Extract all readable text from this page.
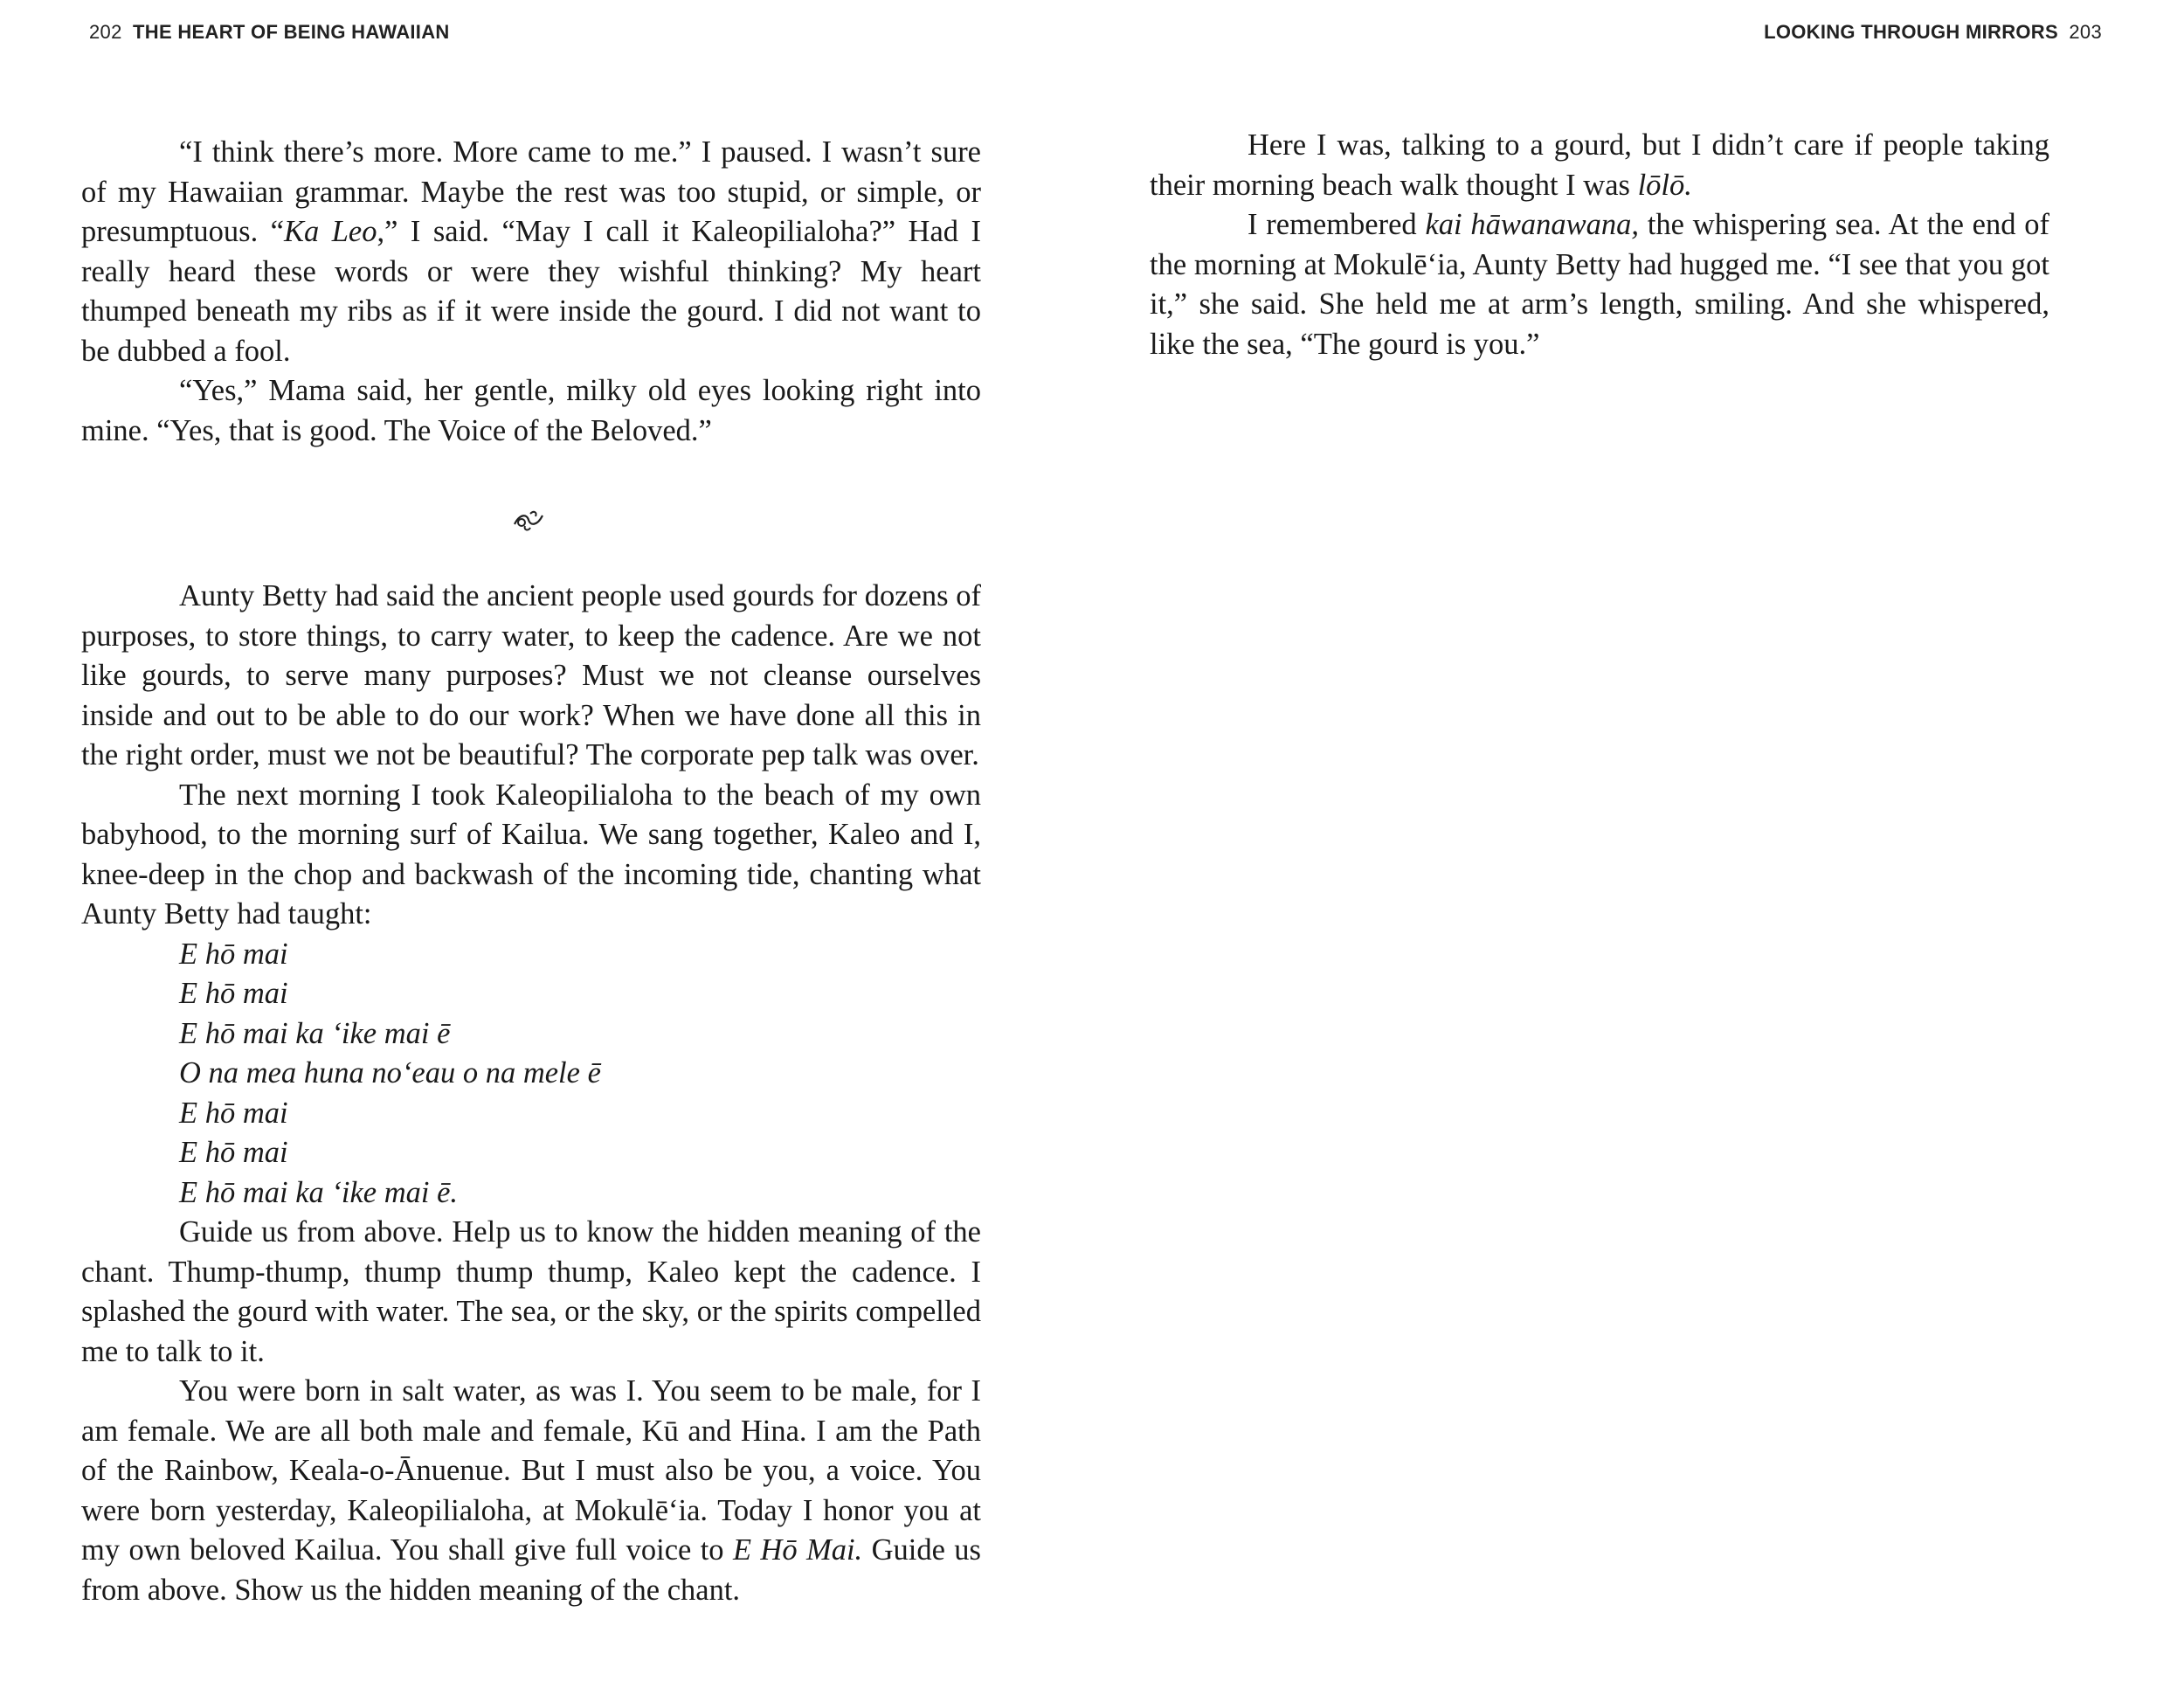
202 THE HEART OF BEING HAWAIIAN

“I think there’s more. More came to me.” I paused. I wasn’t sure of my Hawaiian grammar. Maybe the rest was too stupid, or simple, or presumptuous. “Ka Leo,” I said. “May I call it Kaleopilialoha?” Had I really heard these words or were they wishful thinking? My heart thumped beneath my ribs as if it were inside the gourd. I did not want to be dubbed a fool.

“Yes,” Mama said, her gentle, milky old eyes looking right into mine. “Yes, that is good. The Voice of the Beloved.”

Aunty Betty had said the ancient people used gourds for dozens of purposes, to store things, to carry water, to keep the cadence. Are we not like gourds, to serve many purposes? Must we not cleanse ourselves inside and out to be able to do our work? When we have done all this in the right order, must we not be beautiful? The corporate pep talk was over.

The next morning I took Kaleopilialoha to the beach of my own babyhood, to the morning surf of Kailua. We sang together, Kaleo and I, knee-deep in the chop and backwash of the incoming tide, chanting what Aunty Betty had taught:

E hō mai
E hō mai
E hō mai ka ‘ike mai ē
O na mea huna no‘eau o na mele ē
E hō mai
E hō mai
E hō mai ka ‘ike mai ē.

Guide us from above. Help us to know the hidden meaning of the chant. Thump-thump, thump thump thump, Kaleo kept the cadence. I splashed the gourd with water. The sea, or the sky, or the spirits compelled me to talk to it.

You were born in salt water, as was I. You seem to be male, for I am female. We are all both male and female, Kū and Hina. I am the Path of the Rainbow, Keala-o-Ānuenue. But I must also be you, a voice. You were born yesterday, Kaleopilialoha, at Mokulē‘ia. Today I honor you at my own beloved Kailua. You shall give full voice to E Hō Mai. Guide us from above. Show us the hidden meaning of the chant.

LOOKING THROUGH MIRRORS 203

Here I was, talking to a gourd, but I didn’t care if people taking their morning beach walk thought I was lōlō.

I remembered kai hāwanawana, the whispering sea. At the end of the morning at Mokulē‘ia, Aunty Betty had hugged me. “I see that you got it,” she said. She held me at arm’s length, smiling. And she whispered, like the sea, “The gourd is you.”
